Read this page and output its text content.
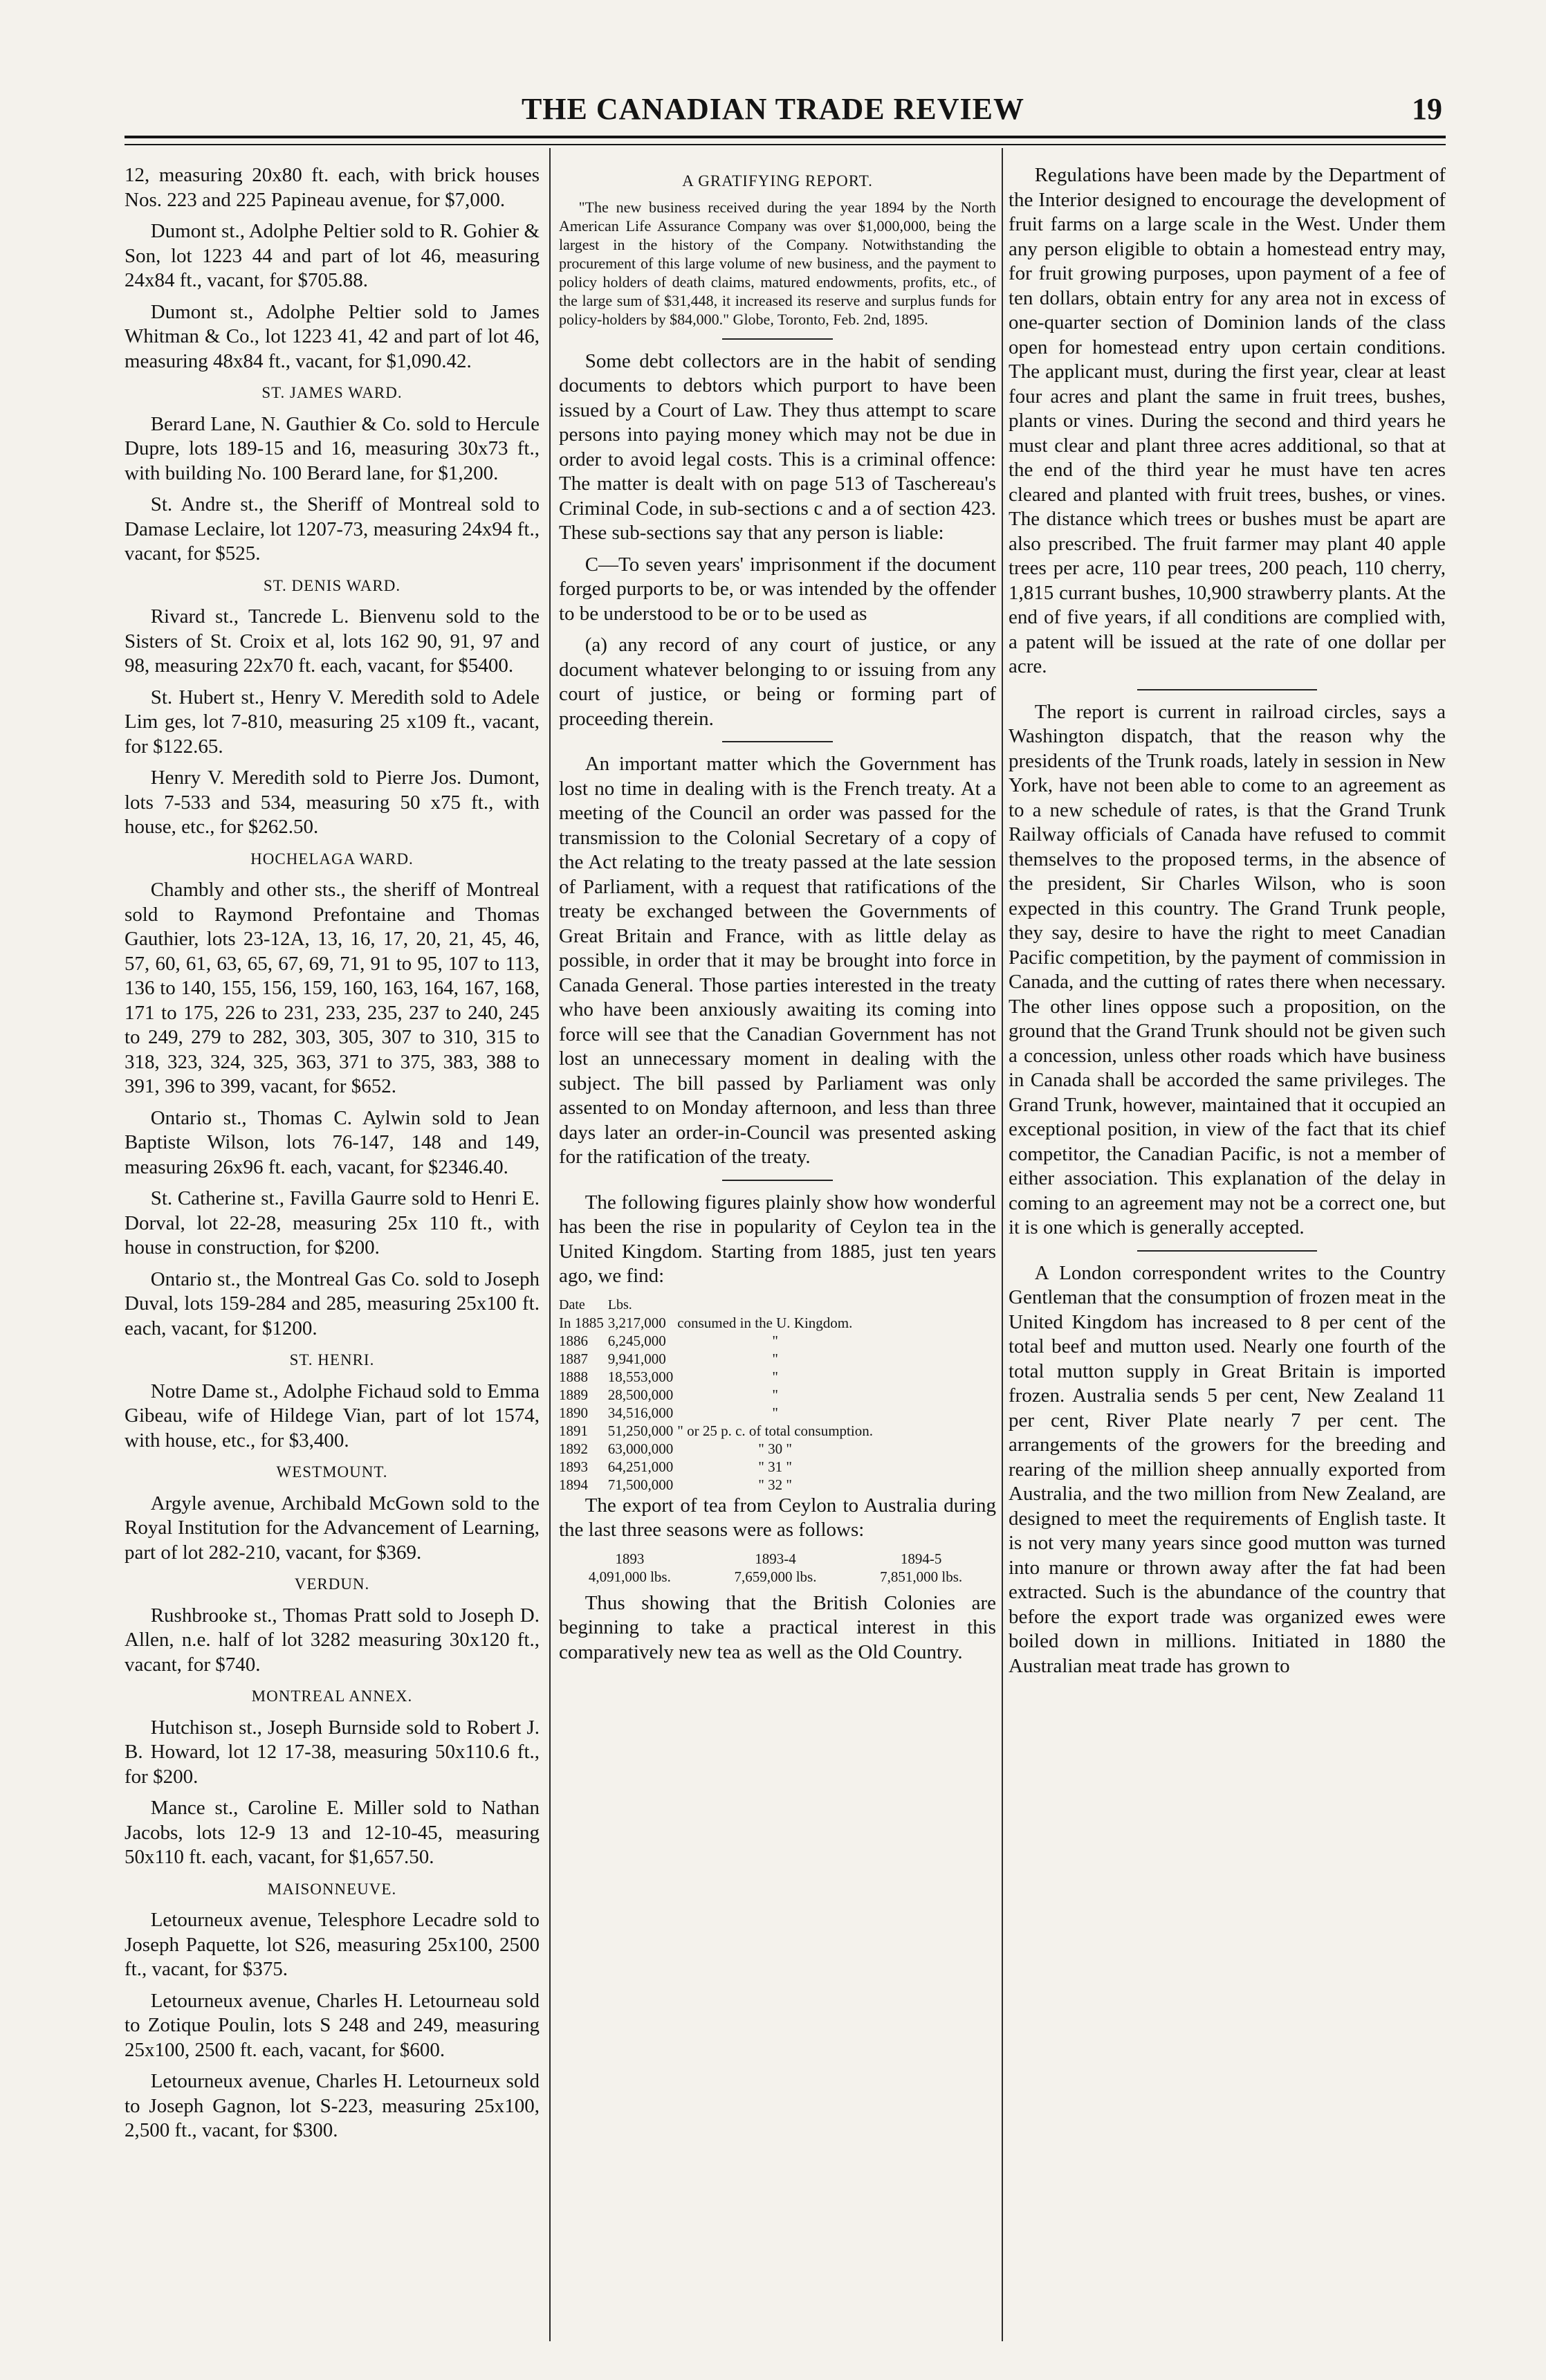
THE CANADIAN TRADE REVIEW	19

12, measuring 20x80 ft. each, with brick houses Nos. 223 and 225 Papineau avenue, for $7,000.

Dumont st., Adolphe Peltier sold to R. Gohier & Son, lot 1223 44 and part of lot 46, measuring 24x84 ft., vacant, for $705.88.

Dumont st., Adolphe Peltier sold to James Whitman & Co., lot 1223 41, 42 and part of lot 46, measuring 48x84 ft., vacant, for $1,090.42.

ST. JAMES WARD.

Berard Lane, N. Gauthier & Co. sold to Hercule Dupre, lots 189-15 and 16, measuring 30x73 ft., with building No. 100 Berard lane, for $1,200.

St. Andre st., the Sheriff of Montreal sold to Damase Leclaire, lot 1207-73, measuring 24x94 ft., vacant, for $525.

ST. DENIS WARD.

Rivard st., Tancrede L. Bienvenu sold to the Sisters of St. Croix et al, lots 162 90, 91, 97 and 98, measuring 22x70 ft. each, vacant, for $5400.

St. Hubert st., Henry V. Meredith sold to Adele Lim ges, lot 7-810, measuring 25 x109 ft., vacant, for $122.65.

Henry V. Meredith sold to Pierre Jos. Dumont, lots 7-533 and 534, measuring 50 x75 ft., with house, etc., for $262.50.

HOCHELAGA WARD.

Chambly and other sts., the sheriff of Montreal sold to Raymond Prefontaine and Thomas Gauthier, lots 23-12A, 13, 16, 17, 20, 21, 45, 46, 57, 60, 61, 63, 65, 67, 69, 71, 91 to 95, 107 to 113, 136 to 140, 155, 156, 159, 160, 163, 164, 167, 168, 171 to 175, 226 to 231, 233, 235, 237 to 240, 245 to 249, 279 to 282, 303, 305, 307 to 310, 315 to 318, 323, 324, 325, 363, 371 to 375, 383, 388 to 391, 396 to 399, vacant, for $652.

Ontario st., Thomas C. Aylwin sold to Jean Baptiste Wilson, lots 76-147, 148 and 149, measuring 26x96 ft. each, vacant, for $2346.40.

St. Catherine st., Favilla Gaurre sold to Henri E. Dorval, lot 22-28, measuring 25x 110 ft., with house in construction, for $200.

Ontario st., the Montreal Gas Co. sold to Joseph Duval, lots 159-284 and 285, measuring 25x100 ft. each, vacant, for $1200.

ST. HENRI.

Notre Dame st., Adolphe Fichaud sold to Emma Gibeau, wife of Hildege Vian, part of lot 1574, with house, etc., for $3,400.

WESTMOUNT.

Argyle avenue, Archibald McGown sold to the Royal Institution for the Advancement of Learning, part of lot 282-210, vacant, for $369.

VERDUN.

Rushbrooke st., Thomas Pratt sold to Joseph D. Allen, n.e. half of lot 3282 measuring 30x120 ft., vacant, for $740.

MONTREAL ANNEX.

Hutchison st., Joseph Burnside sold to Robert J. B. Howard, lot 12 17-38, measuring 50x110.6 ft., for $200.

Mance st., Caroline E. Miller sold to Nathan Jacobs, lots 12-9 13 and 12-10-45, measuring 50x110 ft. each, vacant, for $1,657.50.

MAISONNEUVE.

Letourneux avenue, Telesphore Lecadre sold to Joseph Paquette, lot S26, measuring 25x100, 2500 ft., vacant, for $375.

Letourneux avenue, Charles H. Letourneau sold to Zotique Poulin, lots S 248 and 249, measuring 25x100, 2500 ft. each, vacant, for $600.

Letourneux avenue, Charles H. Letourneux sold to Joseph Gagnon, lot S-223, measuring 25x100, 2,500 ft., vacant, for $300.

A GRATIFYING REPORT.

"The new business received during the year 1894 by the North American Life Assurance Company was over $1,000,000, being the largest in the history of the Company. Notwithstanding the procurement of this large volume of new business, and the payment to policy holders of death claims, matured endowments, profits, etc., of the large sum of $31,448, it increased its reserve and surplus funds for policy-holders by $84,000." Globe, Toronto, Feb. 2nd, 1895.

Some debt collectors are in the habit of sending documents to debtors which purport to have been issued by a Court of Law. They thus attempt to scare persons into paying money which may not be due in order to avoid legal costs. This is a criminal offence: The matter is dealt with on page 513 of Taschereau's Criminal Code, in sub-sections c and a of section 423. These sub-sections say that any person is liable:

C—To seven years' imprisonment if the document forged purports to be, or was intended by the offender to be understood to be or to be used as

(a) any record of any court of justice, or any document whatever belonging to or issuing from any court of justice, or being or forming part of proceeding therein.

An important matter which the Government has lost no time in dealing with is the French treaty. At a meeting of the Council an order was passed for the transmission to the Colonial Secretary of a copy of the Act relating to the treaty passed at the late session of Parliament, with a request that ratifications of the treaty be exchanged between the Governments of Great Britain and France, with as little delay as possible, in order that it may be brought into force in Canada General. Those parties interested in the treaty who have been anxiously awaiting its coming into force will see that the Canadian Government has not lost an unnecessary moment in dealing with the subject. The bill passed by Parliament was only assented to on Monday afternoon, and less than three days later an order-in-Council was presented asking for the ratification of the treaty.

The following figures plainly show how wonderful has been the rise in popularity of Ceylon tea in the United Kingdom. Starting from 1885, just ten years ago, we find:

Date	Lbs.	
In 1885	3,217,000	consumed in the U. Kingdom.
1886	6,245,000	"
1887	9,941,000	"
1888	18,553,000	"
1889	28,500,000	"
1890	34,516,000	"
1891	51,250,000	" or 25 p. c. of total consumption.
1892	63,000,000	" 30 "
1893	64,251,000	" 31 "
1894	71,500,000	" 32 "

The export of tea from Ceylon to Australia during the last three seasons were as follows:

1893	1893-4	1894-5
4,091,000 lbs.	7,659,000 lbs.	7,851,000 lbs.

Thus showing that the British Colonies are beginning to take a practical interest in this comparatively new tea as well as the Old Country.

Regulations have been made by the Department of the Interior designed to encourage the development of fruit farms on a large scale in the West. Under them any person eligible to obtain a homestead entry may, for fruit growing purposes, upon payment of a fee of ten dollars, obtain entry for any area not in excess of one-quarter section of Dominion lands of the class open for homestead entry upon certain conditions. The applicant must, during the first year, clear at least four acres and plant the same in fruit trees, bushes, plants or vines. During the second and third years he must clear and plant three acres additional, so that at the end of the third year he must have ten acres cleared and planted with fruit trees, bushes, or vines. The distance which trees or bushes must be apart are also prescribed. The fruit farmer may plant 40 apple trees per acre, 110 pear trees, 200 peach, 110 cherry, 1,815 currant bushes, 10,900 strawberry plants. At the end of five years, if all conditions are complied with, a patent will be issued at the rate of one dollar per acre.

The report is current in railroad circles, says a Washington dispatch, that the reason why the presidents of the Trunk roads, lately in session in New York, have not been able to come to an agreement as to a new schedule of rates, is that the Grand Trunk Railway officials of Canada have refused to commit themselves to the proposed terms, in the absence of the president, Sir Charles Wilson, who is soon expected in this country. The Grand Trunk people, they say, desire to have the right to meet Canadian Pacific competition, by the payment of commission in Canada, and the cutting of rates there when necessary. The other lines oppose such a proposition, on the ground that the Grand Trunk should not be given such a concession, unless other roads which have business in Canada shall be accorded the same privileges. The Grand Trunk, however, maintained that it occupied an exceptional position, in view of the fact that its chief competitor, the Canadian Pacific, is not a member of either association. This explanation of the delay in coming to an agreement may not be a correct one, but it is one which is generally accepted.

A London correspondent writes to the Country Gentleman that the consumption of frozen meat in the United Kingdom has increased to 8 per cent of the total beef and mutton used. Nearly one fourth of the total mutton supply in Great Britain is imported frozen. Australia sends 5 per cent, New Zealand 11 per cent, River Plate nearly 7 per cent. The arrangements of the growers for the breeding and rearing of the million sheep annually exported from Australia, and the two million from New Zealand, are designed to meet the requirements of English taste. It is not very many years since good mutton was turned into manure or thrown away after the fat had been extracted. Such is the abundance of the country that before the export trade was organized ewes were boiled down in millions. Initiated in 1880 the Australian meat trade has grown to
